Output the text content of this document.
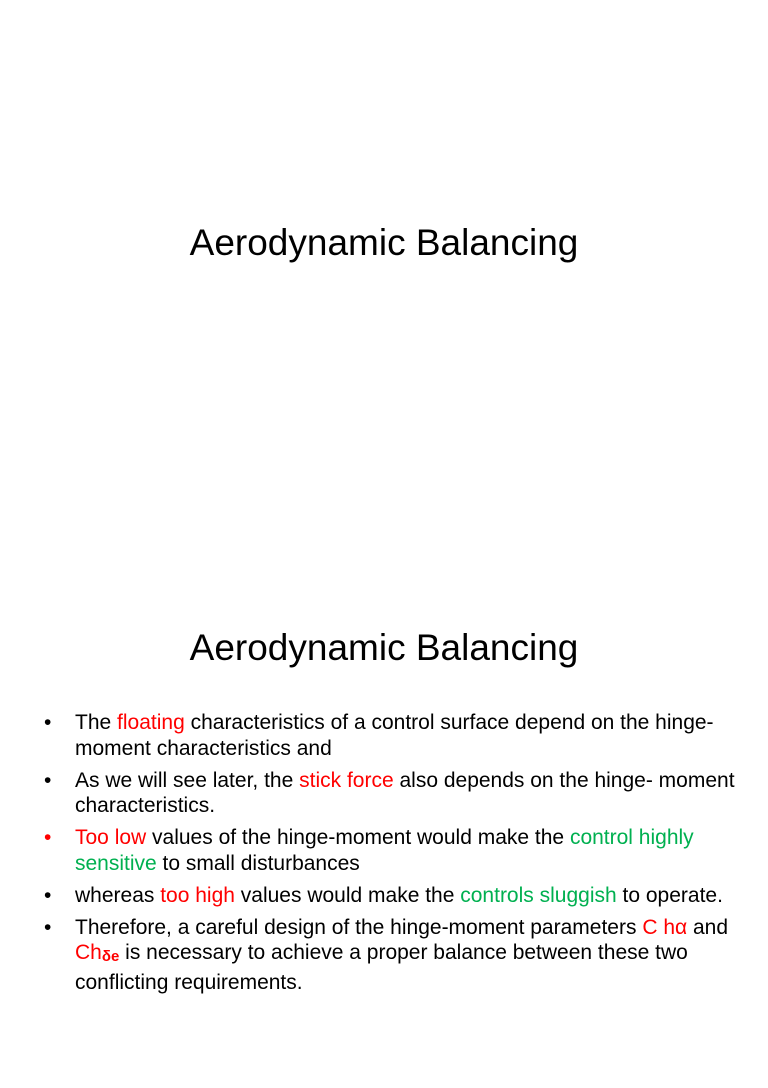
Aerodynamic Balancing
Aerodynamic Balancing
•	The floating characteristics of a control surface depend on the hinge-moment characteristics and
•	As we will see later, the stick force also depends on the hinge- moment characteristics.
•	Too low values of the hinge-moment would make the control highly sensitive to small disturbances
•	whereas too high values would make the controls sluggish to operate.
•	Therefore, a careful design of the hinge-moment parameters C hα and Chδe is necessary to achieve a proper balance between these two conflicting requirements.
